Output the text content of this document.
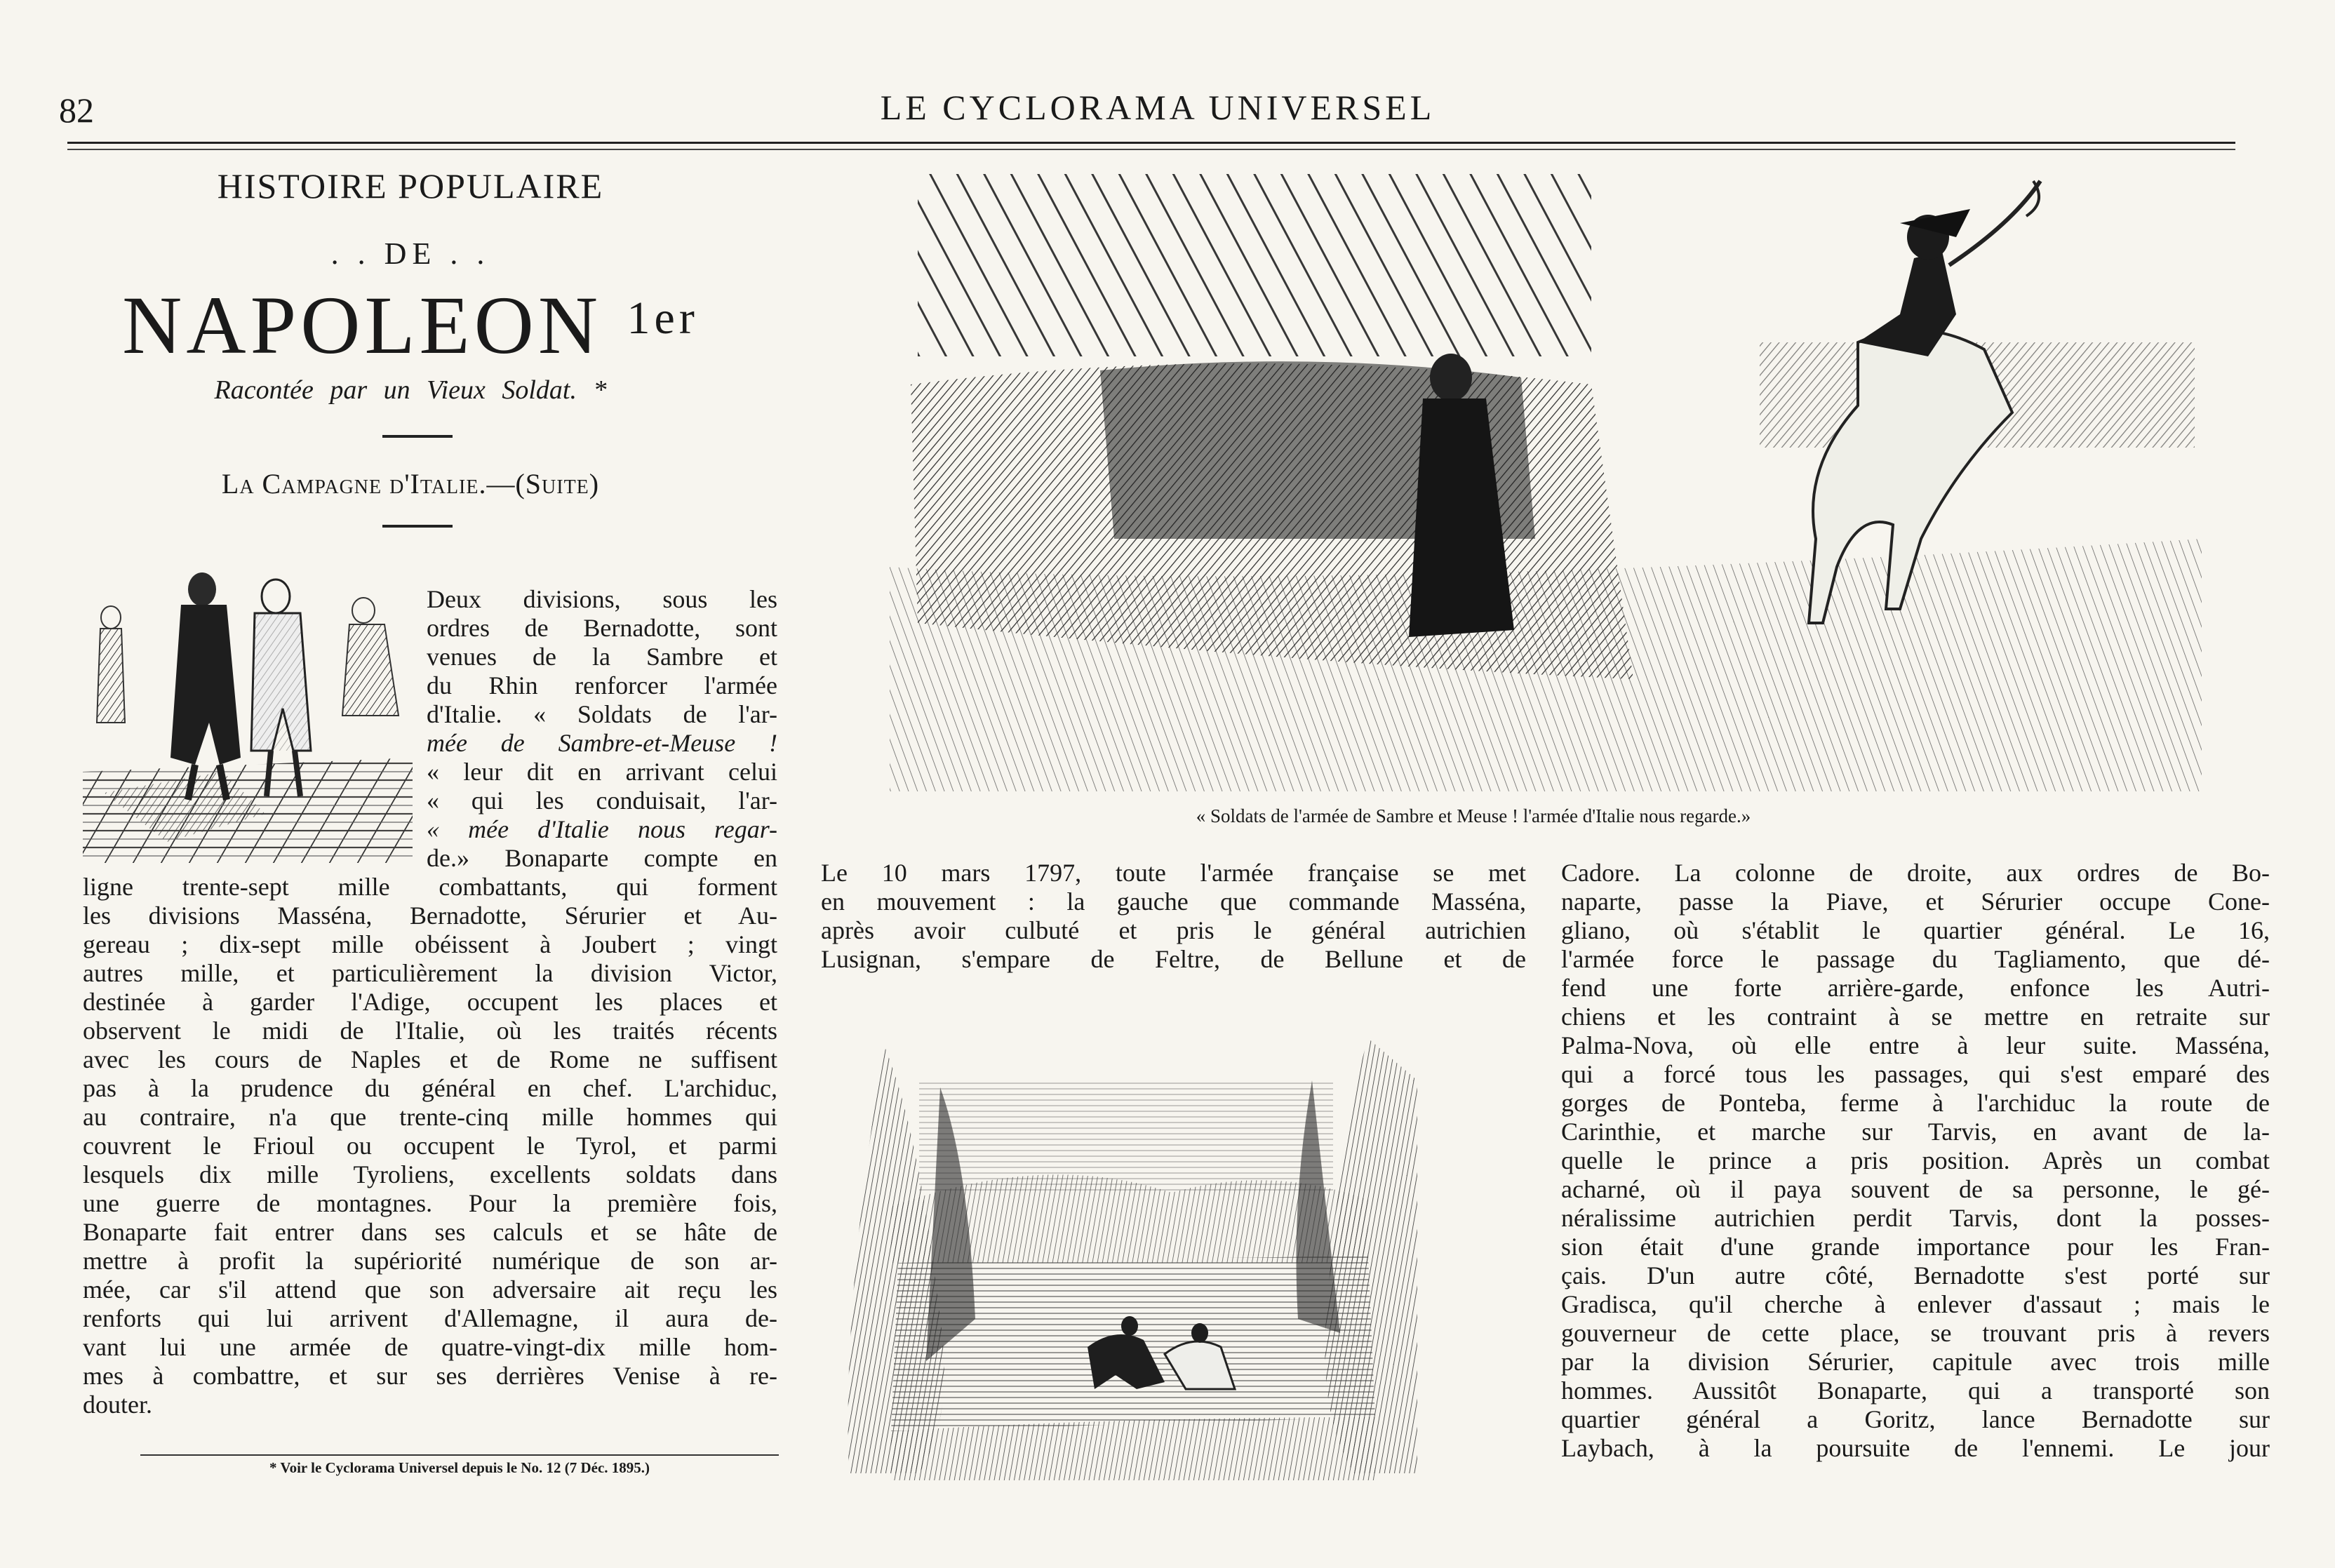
82	LE CYCLORAMA UNIVERSEL
HISTOIRE POPULAIRE
. . DE . .
NAPOLEON $^{1er}$
Racontée par un Vieux Soldat. *
La Campagne d'Italie.—(Suite)
« Soldats de l'armée de Sambre et Meuse ! l'armée d'Italie nous regarde.»
Deux divisions, sous les
ordres de Bernadotte, sont
venues de la Sambre et
du Rhin renforcer l'armée
d'Italie. « Soldats de l'ar-
mée de Sambre-et-Meuse !
« leur dit en arrivant celui
« qui les conduisait, l'ar-
« mée d'Italie nous regar-
de.» Bonaparte compte en
ligne trente-sept mille combattants, qui forment
les divisions Masséna, Bernadotte, Sérurier et Au-
gereau ; dix-sept mille obéissent à Joubert ; vingt
autres mille, et particulièrement la division Victor,
destinée à garder l'Adige, occupent les places et
observent le midi de l'Italie, où les traités récents
avec les cours de Naples et de Rome ne suffisent
pas à la prudence du général en chef. L'archiduc,
au contraire, n'a que trente-cinq mille hommes qui
couvrent le Frioul ou occupent le Tyrol, et parmi
lesquels dix mille Tyroliens, excellents soldats dans
une guerre de montagnes. Pour la première fois,
Bonaparte fait entrer dans ses calculs et se hâte de
mettre à profit la supériorité numérique de son ar-
mée, car s'il attend que son adversaire ait reçu les
renforts qui lui arrivent d'Allemagne, il aura de-
vant lui une armée de quatre-vingt-dix mille hom-
mes à combattre, et sur ses derrières Venise à re-
douter.
* Voir le Cyclorama Universel depuis le No. 12 (7 Déc. 1895.)
Le 10 mars 1797, toute l'armée française se met
en mouvement : la gauche que commande Masséna,
après avoir culbuté et pris le général autrichien
Lusignan, s'empare de Feltre, de Bellune et de
Cadore. La colonne de droite, aux ordres de Bo-
naparte, passe la Piave, et Sérurier occupe Cone-
gliano, où s'établit le quartier général. Le 16,
l'armée force le passage du Tagliamento, que dé-
fend une forte arrière-garde, enfonce les Autri-
chiens et les contraint à se mettre en retraite sur
Palma-Nova, où elle entre à leur suite. Masséna,
qui a forcé tous les passages, qui s'est emparé des
gorges de Ponteba, ferme à l'archiduc la route de
Carinthie, et marche sur Tarvis, en avant de la-
quelle le prince a pris position. Après un combat
acharné, où il paya souvent de sa personne, le gé-
néralissime autrichien perdit Tarvis, dont la posses-
sion était d'une grande importance pour les Fran-
çais. D'un autre côté, Bernadotte s'est porté sur
Gradisca, qu'il cherche à enlever d'assaut ; mais le
gouverneur de cette place, se trouvant pris à revers
par la division Sérurier, capitule avec trois mille
hommes. Aussitôt Bonaparte, qui a transporté son
quartier général a Goritz, lance Bernadotte sur
Laybach, à la poursuite de l'ennemi. Le jour
